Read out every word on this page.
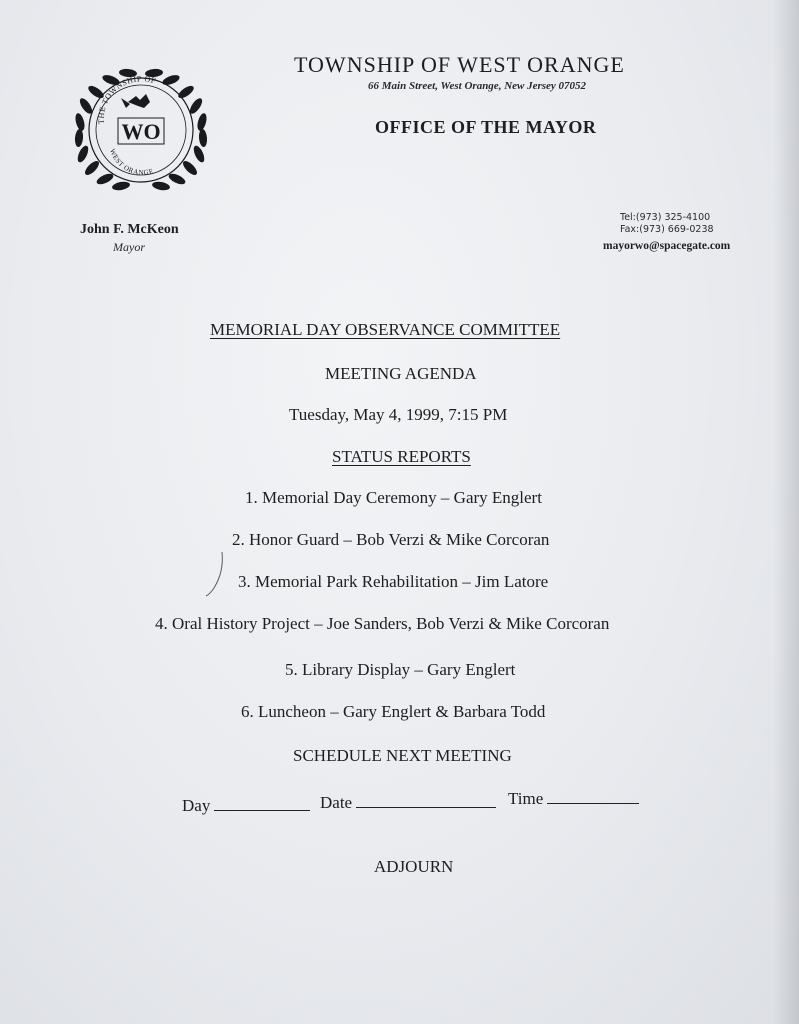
THE TOWNSHIP OF
WEST ORANGE
WO
TOWNSHIP OF WEST ORANGE
66 Main Street, West Orange, New Jersey 07052
OFFICE OF THE MAYOR
John F. McKeon
Mayor
Tel:(973) 325-4100
Fax:(973) 669-0238
mayorwo@spacegate.com
MEMORIAL DAY OBSERVANCE COMMITTEE
MEETING AGENDA
Tuesday, May 4, 1999, 7:15 PM
STATUS REPORTS
1. Memorial Day Ceremony – Gary Englert
2. Honor Guard – Bob Verzi & Mike Corcoran
3. Memorial Park Rehabilitation – Jim Latore
4. Oral History Project – Joe Sanders, Bob Verzi & Mike Corcoran
5. Library Display – Gary Englert
6. Luncheon – Gary Englert & Barbara Todd
SCHEDULE NEXT MEETING
Day	Date	Time
ADJOURN
